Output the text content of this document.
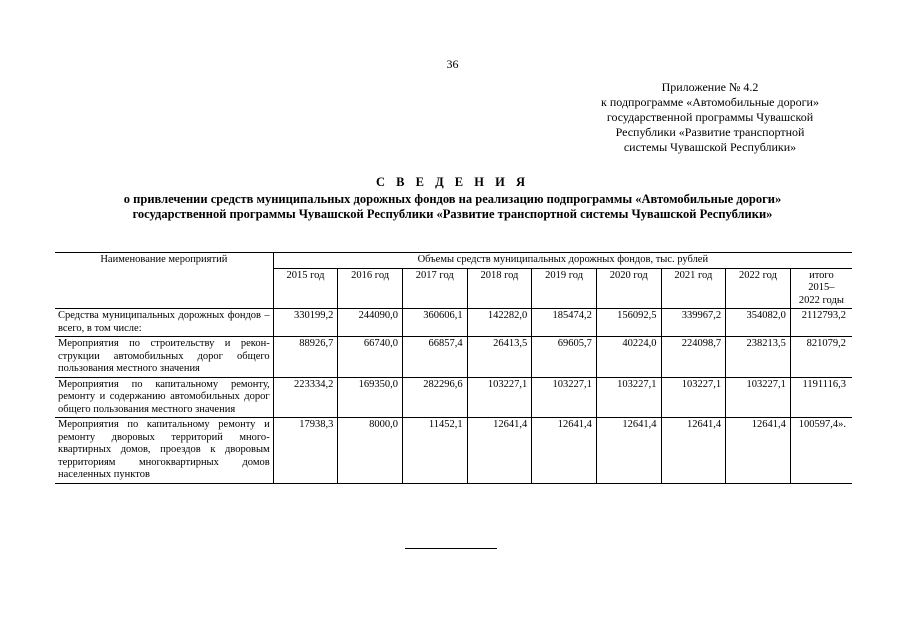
36
Приложение № 4.2
к подпрограмме «Автомобильные дороги»
государственной программы Чувашской
Республики «Развитие транспортной
системы Чувашской Республики»
С В Е Д Е Н И Я
о привлечении средств муниципальных дорожных фондов на реализацию подпрограммы «Автомобильные дороги»
государственной программы Чувашской Республики «Развитие транспортной системы Чувашской Республики»
Наименование мероприятий	Объемы средств муниципальных дорожных фондов, тыс. рублей								
	2015 год	2016 год	2017 год	2018 год	2019 год	2020 год	2021 год	2022 год	итого
2015–
2022 годы

Средства муниципальных дорожных фондов – всего, в том числе:	330199,2	244090,0	360606,1	142282,0	185474,2	156092,5	339967,2	354082,0	2112793,2
Мероприятия по строительству и реконструкции автомобильных дорог общего пользования местного значения	88926,7	66740,0	66857,4	26413,5	69605,7	40224,0	224098,7	238213,5	821079,2
Мероприятия по капитальному ремонту, ремонту и содержанию автомобильных дорог общего пользования местного значения	223334,2	169350,0	282296,6	103227,1	103227,1	103227,1	103227,1	103227,1	1191116,3
Мероприятия по капитальному ремонту и ремонту дворовых территорий многоквартирных домов, проездов к дворовым территориям многоквартирных домов населенных пунктов	17938,3	8000,0	11452,1	12641,4	12641,4	12641,4	12641,4	12641,4	100597,4».
